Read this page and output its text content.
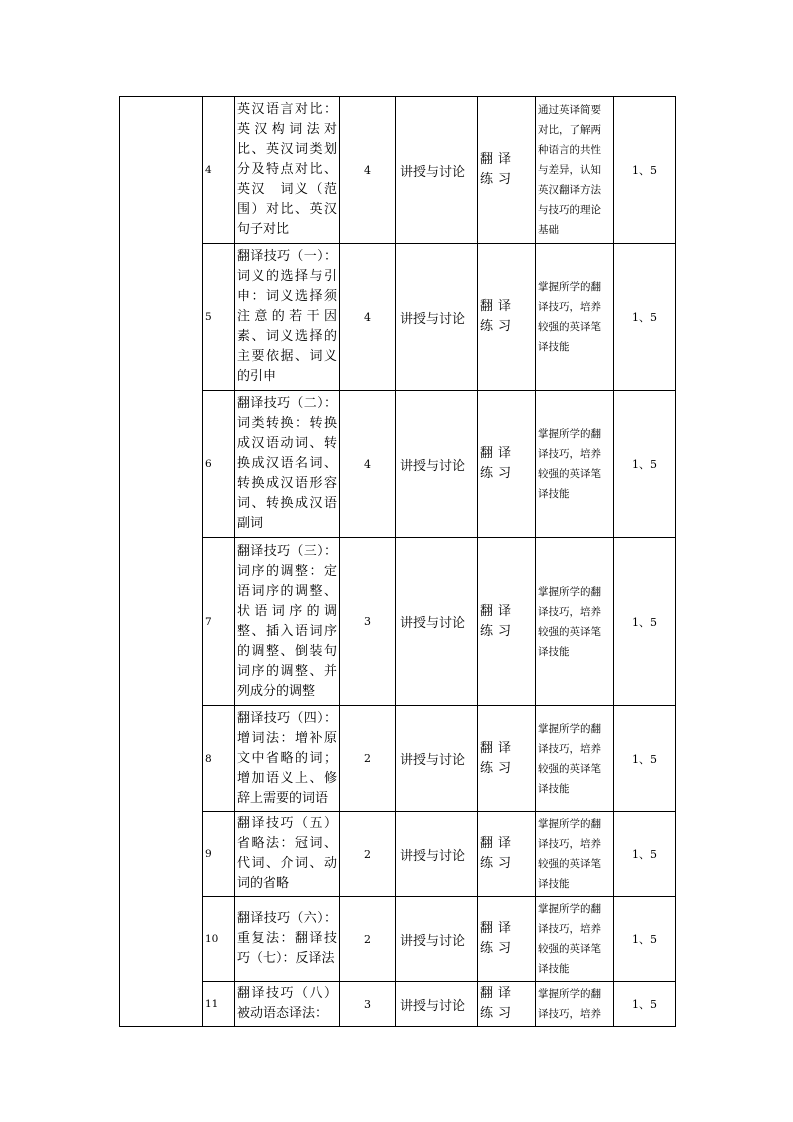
	4	英汉语言对比：英汉构词法对比、英汉词类划分及特点对比、英汉　词义（范围）对比、英汉句子对比	4	讲授与讨论	翻译练习	通过英译简要对比，了解两种语言的共性与差异，认知英汉翻译方法与技巧的理论基础	1、5
	5	翻译技巧（一）：词义的选择与引申：词义选择须注意的若干因素、词义选择的主要依据、词义的引申	4	讲授与讨论	翻译练习	掌握所学的翻译技巧，培养较强的英译笔译技能	1、5
	6	翻译技巧（二）：词类转换：转换成汉语动词、转换成汉语名词、转换成汉语形容词、转换成汉语副词	4	讲授与讨论	翻译练习	掌握所学的翻译技巧，培养较强的英译笔译技能	1、5
	7	翻译技巧（三）：词序的调整：定语词序的调整、状语词序的调整、插入语词序的调整、倒装句词序的调整、并列成分的调整	3	讲授与讨论	翻译练习	掌握所学的翻译技巧，培养较强的英译笔译技能	1、5
	8	翻译技巧（四）：增词法：增补原文中省略的词；增加语义上、修辞上需要的词语	2	讲授与讨论	翻译练习	掌握所学的翻译技巧，培养较强的英译笔译技能	1、5
	9	翻译技巧（五）省略法：冠词、代词、介词、动词的省略	2	讲授与讨论	翻译练习	掌握所学的翻译技巧，培养较强的英译笔译技能	1、5
	10	翻译技巧（六）：重复法：翻译技巧（七）：反译法	2	讲授与讨论	翻译练习	掌握所学的翻译技巧，培养较强的英译笔译技能	1、5
	11	翻译技巧（八）被动语态译法：	3	讲授与讨论	翻译练习	掌握所学的翻译技巧，培养	1、5
